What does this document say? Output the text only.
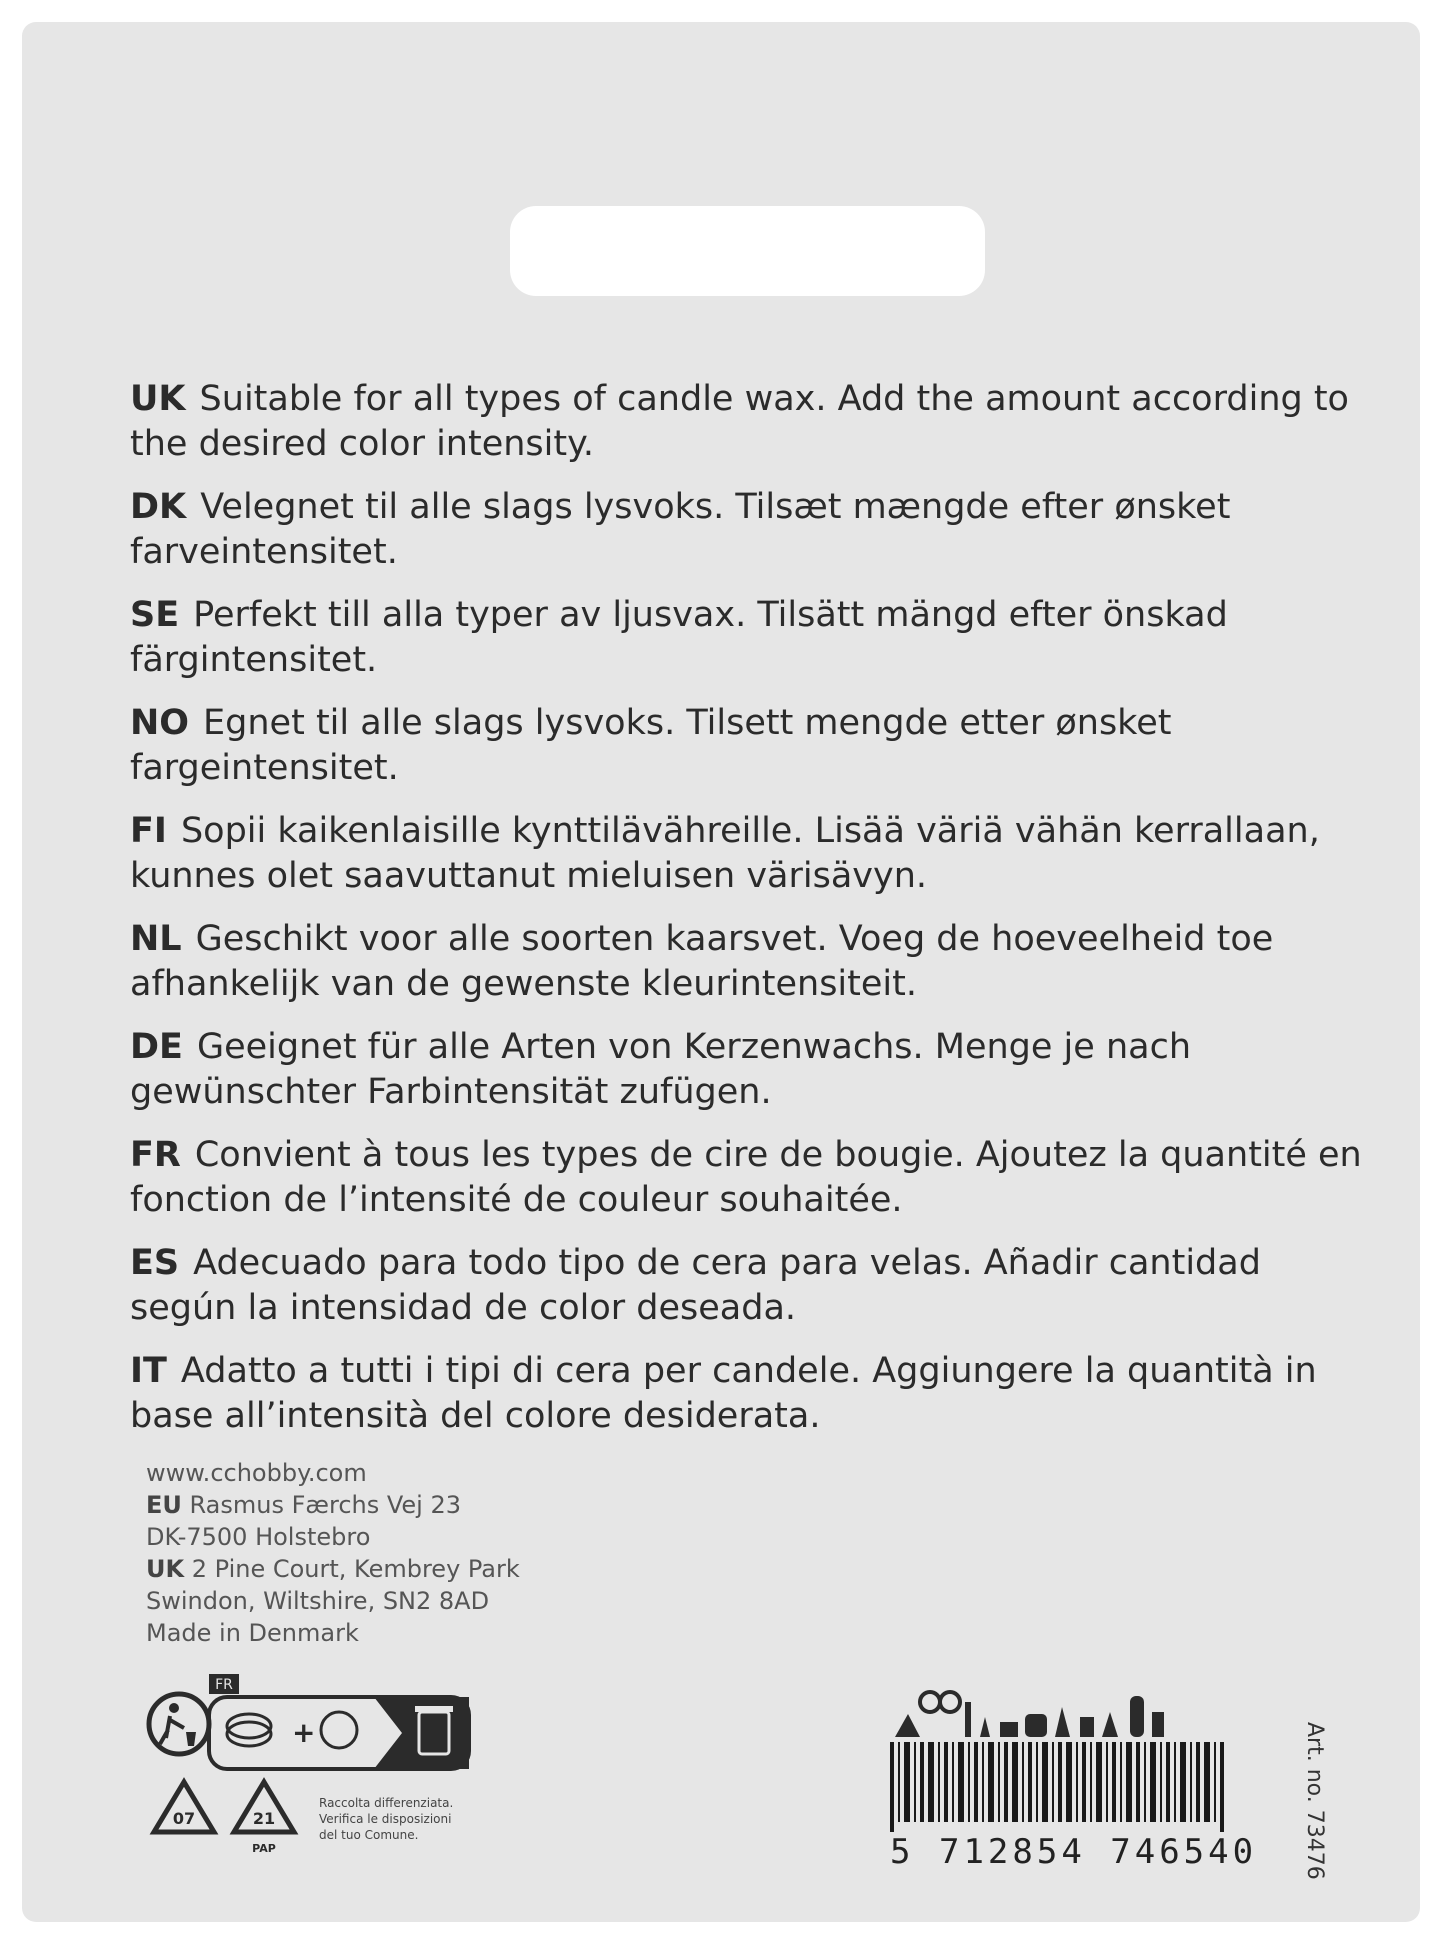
UK Suitable for all types of candle wax. Add the amount according to the desired color intensity.
DK Velegnet til alle slags lysvoks. Tilsæt mængde efter ønsket farveintensitet.
SE Perfekt till alla typer av ljusvax. Tilsätt mängd efter önskad färgintensitet.
NO Egnet til alle slags lysvoks. Tilsett mengde etter ønsket fargeintensitet.
FI Sopii kaikenlaisille kynttilävähreille. Lisää väriä vähän kerrallaan, kunnes olet saavuttanut mieluisen värisävyn.
NL Geschikt voor alle soorten kaarsvet. Voeg de hoeveelheid toe afhankelijk van de gewenste kleurintensiteit.
DE Geeignet für alle Arten von Kerzenwachs. Menge je nach gewünschter Farbintensität zufügen.
FR Convient à tous les types de cire de bougie. Ajoutez la quantité en fonction de l’intensité de couleur souhaitée.
ES Adecuado para todo tipo de cera para velas. Añadir cantidad según la intensidad de color deseada.
IT Adatto a tutti i tipi di cera per candele. Aggiungere la quantità in base all’intensità del colore desiderata.
www.cchobby.com
EU Rasmus Færchs Vej 23
DK-7500 Holstebro
UK 2 Pine Court, Kembrey Park
Swindon, Wiltshire, SN2 8AD
Made in Denmark
FR
+
07	21
PAP
Raccolta differenziata.
Verifica le disposizioni
del tuo Comune.	5 712854 746540 Art. no. 73476
